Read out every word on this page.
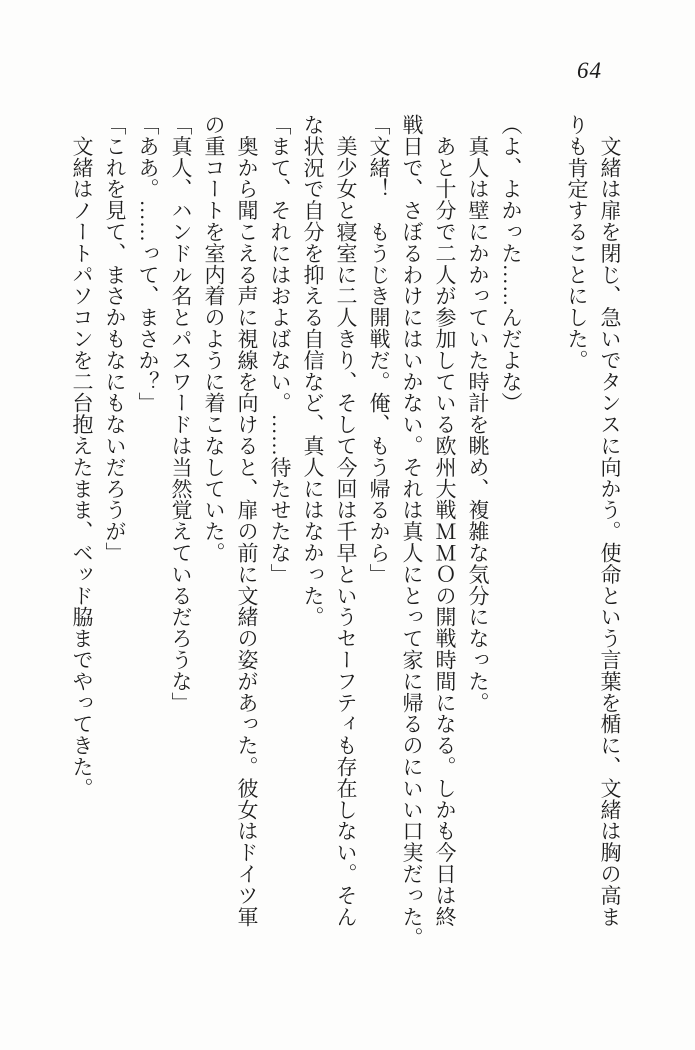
64

　文緒は扉を閉じ、急いでタンスに向かう。使命という言葉を楯に、文緒は胸の高ま

りも肯定することにした。

（よ、よかった……んだよな）

　真人は壁にかかっていた時計を眺め、複雑な気分になった。

　あと十分で二人が参加している欧州大戦ＭＭＯの開戦時間になる。しかも今日は終

戦日で、さぼるわけにはいかない。それは真人にとって家に帰るのにいい口実だった。

「文緒！　もうじき開戦だ。俺、もう帰るから」

　美少女と寝室に二人きり、そして今回は千早というセーフティも存在しない。そん

な状況で自分を抑える自信など、真人にはなかった。

「まて、それにはおよばない。……待たせたな」

　奥から聞こえる声に視線を向けると、扉の前に文緒の姿があった。彼女はドイツ軍

の重コートを室内着のように着こなしていた。

「真人、ハンドル名とパスワードは当然覚えているだろうな」

「ああ。……って、まさか？」

「これを見て、まさかもなにもないだろうが」

　文緒はノートパソコンを二台抱えたまま、ベッド脇までやってきた。
